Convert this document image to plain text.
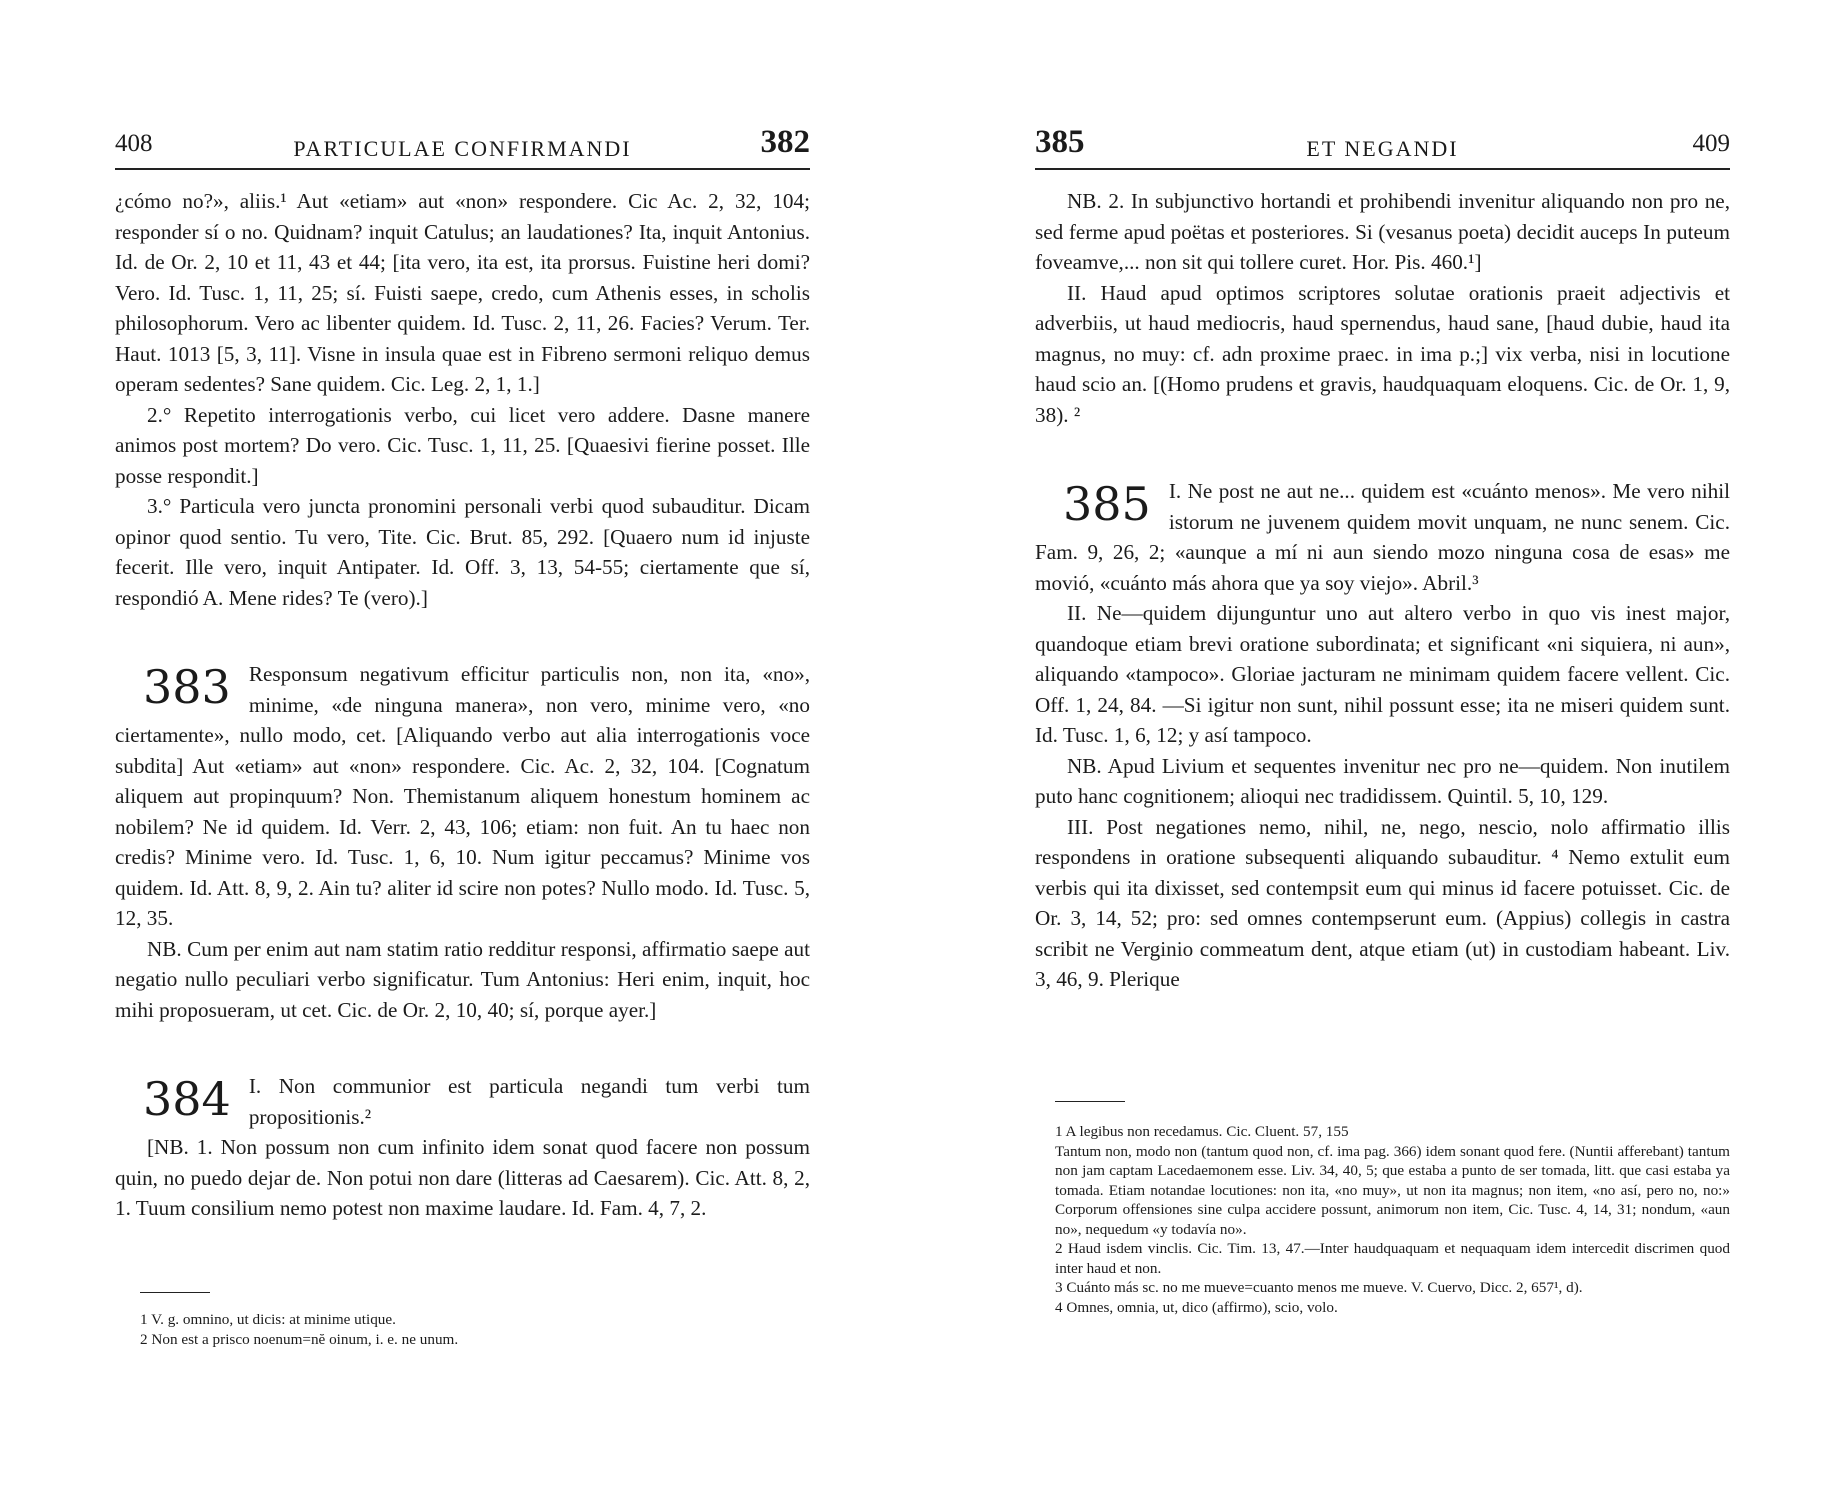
408	PARTICULAE CONFIRMANDI	382

¿cómo no?», aliis.¹ Aut «etiam» aut «non» respondere. Cic Ac. 2, 32, 104; responder sí o no. Quidnam? inquit Catulus; an laudationes? Ita, inquit Antonius. Id. de Or. 2, 10 et 11, 43 et 44; [ita vero, ita est, ita prorsus. Fuistine heri domi? Vero. Id. Tusc. 1, 11, 25; sí. Fuisti saepe, credo, cum Athenis esses, in scholis philosophorum. Vero ac libenter quidem. Id. Tusc. 2, 11, 26. Facies? Verum. Ter. Haut. 1013 [5, 3, 11]. Visne in insula quae est in Fibreno sermoni reliquo demus operam sedentes? Sane quidem. Cic. Leg. 2, 1, 1.]

2.° Repetito interrogationis verbo, cui licet vero addere. Dasne manere animos post mortem? Do vero. Cic. Tusc. 1, 11, 25. [Quaesivi fierine posset. Ille posse respondit.]

3.° Particula vero juncta pronomini personali verbi quod subauditur. Dicam opinor quod sentio. Tu vero, Tite. Cic. Brut. 85, 292. [Quaero num id injuste fecerit. Ille vero, inquit Antipater. Id. Off. 3, 13, 54-55; ciertamente que sí, respondió A. Mene rides? Te (vero).]

383 Responsum negativum efficitur particulis non, non ita, «no», minime, «de ninguna manera», non vero, minime vero, «no ciertamente», nullo modo, cet. [Aliquando verbo aut alia interrogationis voce subdita] Aut «etiam» aut «non» respondere. Cic. Ac. 2, 32, 104. [Cognatum aliquem aut propinquum? Non. Themistanum aliquem honestum hominem ac nobilem? Ne id quidem. Id. Verr. 2, 43, 106; etiam: non fuit. An tu haec non credis? Minime vero. Id. Tusc. 1, 6, 10. Num igitur peccamus? Minime vos quidem. Id. Att. 8, 9, 2. Ain tu? aliter id scire non potes? Nullo modo. Id. Tusc. 5, 12, 35.

NB. Cum per enim aut nam statim ratio redditur responsi, affirmatio saepe aut negatio nullo peculiari verbo significatur. Tum Antonius: Heri enim, inquit, hoc mihi proposueram, ut cet. Cic. de Or. 2, 10, 40; sí, porque ayer.]

384 I. Non communior est particula negandi tum verbi tum propositionis.²

[NB. 1. Non possum non cum infinito idem sonat quod facere non possum quin, no puedo dejar de. Non potui non dare (litteras ad Caesarem). Cic. Att. 8, 2, 1. Tuum consilium nemo potest non maxime laudare. Id. Fam. 4, 7, 2.

1 V. g. omnino, ut dicis: at minime utique.

2 Non est a prisco noenum=nĕ oinum, i. e. ne unum.

385	ET NEGANDI	409

NB. 2. In subjunctivo hortandi et prohibendi invenitur aliquando non pro ne, sed ferme apud poëtas et posteriores. Si (vesanus poeta) decidit auceps In puteum foveamve,... non sit qui tollere curet. Hor. Pis. 460.¹]

II. Haud apud optimos scriptores solutae orationis praeit adjectivis et adverbiis, ut haud mediocris, haud spernendus, haud sane, [haud dubie, haud ita magnus, no muy: cf. adn proxime praec. in ima p.;] vix verba, nisi in locutione haud scio an. [(Homo prudens et gravis, haudquaquam eloquens. Cic. de Or. 1, 9, 38). ²

385 I. Ne post ne aut ne... quidem est «cuánto menos». Me vero nihil istorum ne juvenem quidem movit unquam, ne nunc senem. Cic. Fam. 9, 26, 2; «aunque a mí ni aun siendo mozo ninguna cosa de esas» me movió, «cuánto más ahora que ya soy viejo». Abril.³

II. Ne—quidem dijunguntur uno aut altero verbo in quo vis inest major, quandoque etiam brevi oratione subordinata; et significant «ni siquiera, ni aun», aliquando «tampoco». Gloriae jacturam ne minimam quidem facere vellent. Cic. Off. 1, 24, 84. —Si igitur non sunt, nihil possunt esse; ita ne miseri quidem sunt. Id. Tusc. 1, 6, 12; y así tampoco.

NB. Apud Livium et sequentes invenitur nec pro ne—quidem. Non inutilem puto hanc cognitionem; alioqui nec tradidissem. Quintil. 5, 10, 129.

III. Post negationes nemo, nihil, ne, nego, nescio, nolo affirmatio illis respondens in oratione subsequenti aliquando subauditur. ⁴ Nemo extulit eum verbis qui ita dixisset, sed contempsit eum qui minus id facere potuisset. Cic. de Or. 3, 14, 52; pro: sed omnes contempserunt eum. (Appius) collegis in castra scribit ne Verginio commeatum dent, atque etiam (ut) in custodiam habeant. Liv. 3, 46, 9. Plerique

1 A legibus non recedamus. Cic. Cluent. 57, 155

Tantum non, modo non (tantum quod non, cf. ima pag. 366) idem sonant quod fere. (Nuntii afferebant) tantum non jam captam Lacedaemonem esse. Liv. 34, 40, 5; que estaba a punto de ser tomada, litt. que casi estaba ya tomada. Etiam notandae locutiones: non ita, «no muy», ut non ita magnus; non item, «no así, pero no, no:» Corporum offensiones sine culpa accidere possunt, animorum non item, Cic. Tusc. 4, 14, 31; nondum, «aun no», nequedum «y todavía no».

2 Haud isdem vinclis. Cic. Tim. 13, 47.—Inter haudquaquam et nequaquam idem intercedit discrimen quod inter haud et non.

3 Cuánto más sc. no me mueve=cuanto menos me mueve. V. Cuervo, Dicc. 2, 657¹, d).

4 Omnes, omnia, ut, dico (affirmo), scio, volo.
